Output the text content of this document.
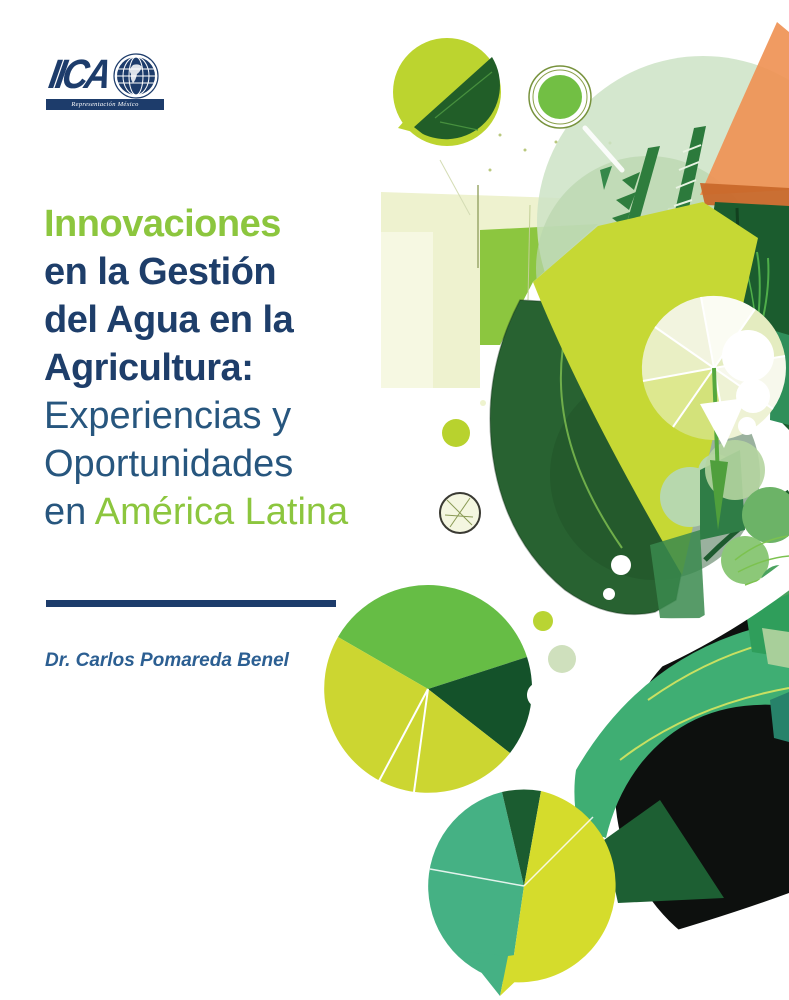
IICA
Representación México
Innovaciones
en la Gestión
del Agua en la
Agricultura:
Experiencias y
Oportunidades
en América Latina
Dr. Carlos Pomareda Benel
